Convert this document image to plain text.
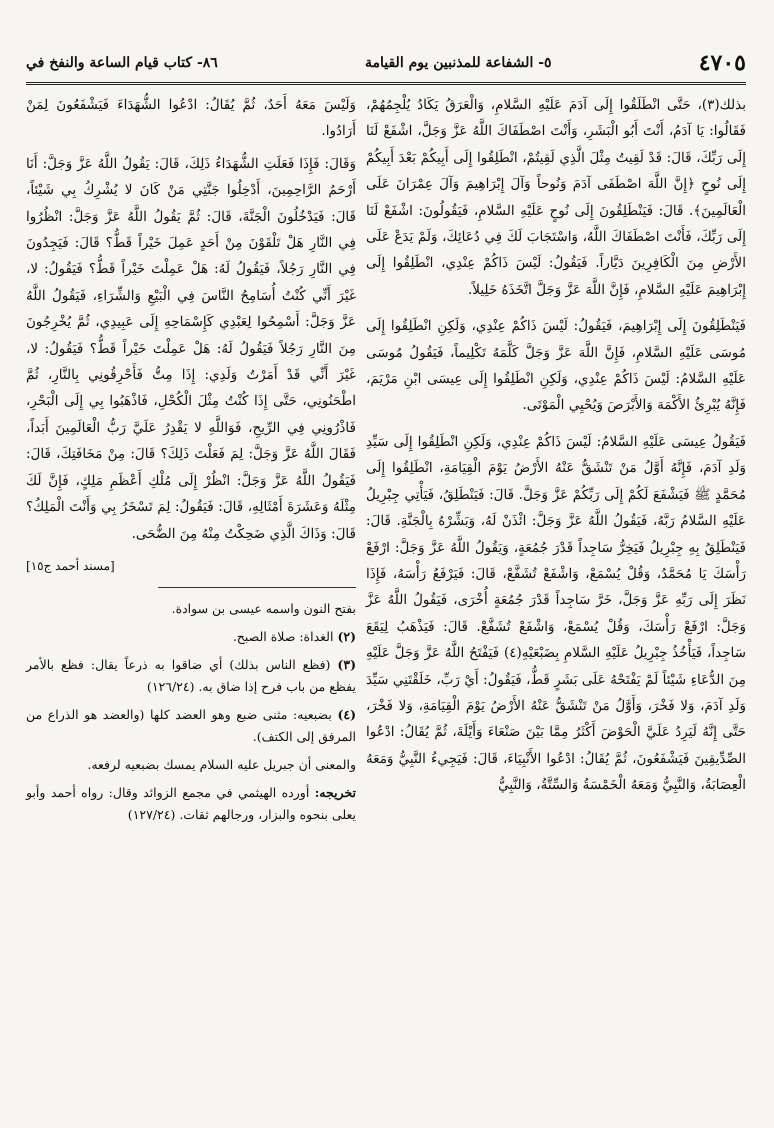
٤٧٠٥
٥- الشفاعة للمذنبين يوم القيامة
٨٦- كتاب قيام الساعة والنفخ في

بذلك(٣)، حَتَّى انْطَلَقُوا إِلَى آدَمَ عَلَيْهِ السَّلامِ، وَالْعَرَقُ يَكَادُ يُلْجِمُهُمْ، فَقَالُوا: يَا آدَمُ، أَنْتَ أَبُو الْبَشَرِ، وَأَنْتَ اصْطَفَاكَ اللَّهُ عَزَّ وَجَلَّ، اشْفَعْ لَنَا إِلَى رَبِّكَ، قَالَ: قَدْ لَقِيتُ مِثْلَ الَّذِي لَقِيتُمْ، انْطَلِقُوا إِلَى أَبِيكُمْ بَعْدَ أَبِيكُمْ إِلَى نُوحٍ ﴿إِنَّ اللَّهَ اصْطَفَى آدَمَ وَنُوحاً وَآلَ إِبْرَاهِيمَ وَآلَ عِمْرَانَ عَلَى الْعَالَمِينَ﴾. قَالَ: فَيَنْطَلِقُونَ إِلَى نُوحٍ عَلَيْهِ السَّلامِ، فَيَقُولُونَ: اشْفَعْ لَنَا إِلَى رَبِّكَ، فَأَنْتَ اصْطَفَاكَ اللَّهُ، وَاسْتَجَابَ لَكَ فِي دُعَائِكَ، وَلَمْ يَدَعْ عَلَى الأَرْضِ مِنَ الْكَافِرِينَ دَيَّاراً. فَيَقُولُ: لَيْسَ ذَاكُمْ عِنْدِي، انْطَلِقُوا إِلَى إِبْرَاهِيمَ عَلَيْهِ السَّلامِ، فَإِنَّ اللَّهَ عَزَّ وَجَلَّ اتَّخَذَهُ خَلِيلاً.

فَيَنْطَلِقُونَ إِلَى إِبْرَاهِيمَ، فَيَقُولُ: لَيْسَ ذَاكُمْ عِنْدِي، وَلَكِنِ انْطَلِقُوا إِلَى مُوسَى عَلَيْهِ السَّلامِ، فَإِنَّ اللَّهَ عَزَّ وَجَلَّ كَلَّمَهُ تَكْلِيماً، فَيَقُولُ مُوسَى عَلَيْهِ السَّلامُ: لَيْسَ ذَاكُمْ عِنْدِي، وَلَكِنِ انْطَلِقُوا إِلَى عِيسَى ابْنِ مَرْيَمَ، فَإِنَّهُ يُبْرِئُ الأَكْمَهَ وَالأَبْرَصَ وَيُحْيِي الْمَوْتَى.

فَيَقُولُ عِيسَى عَلَيْهِ السَّلامُ: لَيْسَ ذَاكُمْ عِنْدِي، وَلَكِنِ انْطَلِقُوا إِلَى سَيِّدِ وَلَدِ آدَمَ، فَإِنَّهُ أَوَّلُ مَنْ تَنْشَقُّ عَنْهُ الأَرْضُ يَوْمَ الْقِيَامَةِ، انْطَلِقُوا إِلَى مُحَمَّدٍ ﷺ فَيَشْفَعَ لَكُمْ إِلَى رَبِّكُمْ عَزَّ وَجَلَّ. قَالَ: فَيَنْطَلِقُ، فَيَأْتِي جِبْرِيلُ عَلَيْهِ السَّلامُ رَبَّهُ، فَيَقُولُ اللَّهُ عَزَّ وَجَلَّ: ائْذَنْ لَهُ، وَبَشِّرْهُ بِالْجَنَّةِ. قَالَ: فَيَنْطَلِقُ بِهِ جِبْرِيلُ فَيَخِرُّ سَاجِداً قَدْرَ جُمُعَةٍ، وَيَقُولُ اللَّهُ عَزَّ وَجَلَّ: ارْفَعْ رَأْسَكَ يَا مُحَمَّدُ، وَقُلْ يُسْمَعْ، وَاشْفَعْ تُشَفَّعْ، قَالَ: فَيَرْفَعُ رَأْسَهُ، فَإِذَا نَظَرَ إِلَى رَبِّهِ عَزَّ وَجَلَّ، خَرَّ سَاجِداً قَدْرَ جُمُعَةٍ أُخْرَى، فَيَقُولُ اللَّهُ عَزَّ وَجَلَّ: ارْفَعْ رَأْسَكَ، وَقُلْ يُسْمَعْ، وَاشْفَعْ تُشَفَّعْ. قَالَ: فَيَذْهَبُ لِيَقَعَ سَاجِداً، فَيَأْخُذُ جِبْرِيلُ عَلَيْهِ السَّلامِ بِضَبْعَيْهِ(٤) فَيَفْتَحُ اللَّهُ عَزَّ وَجَلَّ عَلَيْهِ مِنَ الدُّعَاءِ شَيْئاً لَمْ يَفْتَحْهُ عَلَى بَشَرٍ قَطُّ، فَيَقُولُ: أَيْ رَبِّ، خَلَقْتَنِي سَيِّدَ وَلَدِ آدَمَ، وَلا فَخْرَ، وَأَوَّلُ مَنْ تَنْشَقُّ عَنْهُ الأَرْضُ يَوْمَ الْقِيَامَةِ، وَلا فَخْرَ، حَتَّى إِنَّهُ لَيَرِدُ عَلَيَّ الْحَوْضَ أَكْثَرُ مِمَّا بَيْنَ صَنْعَاءَ وَأَيْلَةَ، ثُمَّ يُقَالُ: ادْعُوا الصِّدِّيقِينَ فَيَشْفَعُونَ، ثُمَّ يُقَالُ: ادْعُوا الأَنْبِيَاءَ، قَالَ: فَيَجِيءُ النَّبِيُّ وَمَعَهُ الْعِصَابَةُ، وَالنَّبِيُّ وَمَعَهُ الْخَمْسَةُ وَالسِّتَّةُ، وَالنَّبِيُّ

وَلَيْسَ مَعَهُ أَحَدٌ، ثُمَّ يُقَالُ: ادْعُوا الشُّهَدَاءَ فَيَشْفَعُونَ لِمَنْ أَرَادُوا.

وَقَالَ: فَإِذَا فَعَلَتِ الشُّهَدَاءُ ذَلِكَ، قَالَ: يَقُولُ اللَّهُ عَزَّ وَجَلَّ: أَنَا أَرْحَمُ الرَّاحِمِينَ، أَدْخِلُوا جَنَّتِي مَنْ كَانَ لا يُشْرِكُ بِي شَيْئاً، قَالَ: فَيَدْخُلُونَ الْجَنَّةَ، قَالَ: ثُمَّ يَقُولُ اللَّهُ عَزَّ وَجَلَّ: انْظُرُوا فِي النَّارِ هَلْ تَلْقَوْنَ مِنْ أَحَدٍ عَمِلَ خَيْراً قَطُّ؟ قَالَ: فَيَجِدُونَ فِي النَّارِ رَجُلاً، فَيَقُولُ لَهُ: هَلْ عَمِلْتَ خَيْراً قَطُّ؟ فَيَقُولُ: لا، غَيْرَ أَنِّي كُنْتُ أُسَامِحُ النَّاسَ فِي الْبَيْعِ وَالشِّرَاءِ، فَيَقُولُ اللَّهُ عَزَّ وَجَلَّ: أَسْمِحُوا لِعَبْدِي كَإِسْمَاحِهِ إِلَى عَبِيدِي، ثُمَّ يُخْرِجُونَ مِنَ النَّارِ رَجُلاً فَيَقُولُ لَهُ: هَلْ عَمِلْتَ خَيْراً قَطُّ؟ فَيَقُولُ: لا، غَيْرَ أَنِّي قَدْ أَمَرْتُ وَلَدِي: إِذَا مِتُّ فَأَحْرِقُونِي بِالنَّارِ، ثُمَّ اطْحَنُونِي، حَتَّى إِذَا كُنْتُ مِثْلَ الْكُحْلِ، فَاذْهَبُوا بِي إِلَى الْبَحْرِ، فَاذْرُونِي فِي الرِّيحِ، فَوَاللَّهِ لا يَقْدِرُ عَلَيَّ رَبُّ الْعَالَمِينَ أَبَداً، فَقَالَ اللَّهُ عَزَّ وَجَلَّ: لِمَ فَعَلْتَ ذَلِكَ؟ قَالَ: مِنْ مَخَافَتِكَ، قَالَ: فَيَقُولُ اللَّهُ عَزَّ وَجَلَّ: انْظُرْ إِلَى مُلْكِ أَعْظَمِ مَلِكٍ، فَإِنَّ لَكَ مِثْلَهُ وَعَشَرَةَ أَمْثَالِهِ، قَالَ: فَيَقُولُ: لِمَ تَسْخَرُ بِي وَأَنْتَ الْمَلِكُ؟ قَالَ: وَذَاكَ الَّذِي ضَحِكْتُ مِنْهُ مِنَ الضُّحَى.

[مسند أحمد ج١٥]

بفتح النون واسمه عيسى بن سوادة.

(٢) الغداة: صلاة الصبح.

(٣) (فظع الناس بذلك) أي ضاقوا به ذرعاً يقال: فظع بالأمر يفظع من باب فرح إذا ضاق به. (١٢٦/٢٤)

(٤) بضبعيه: مثنى ضبع وهو العضد كلها (والعضد هو الذراع من المرفق إلى الكتف).

والمعنى أن جبريل عليه السلام يمسك بضبعيه لرفعه.

تخريجه: أورده الهيثمي في مجمع الزوائد وقال: رواه أحمد وأبو يعلى بنحوه والبزار، ورجالهم ثقات. (١٢٧/٢٤)
